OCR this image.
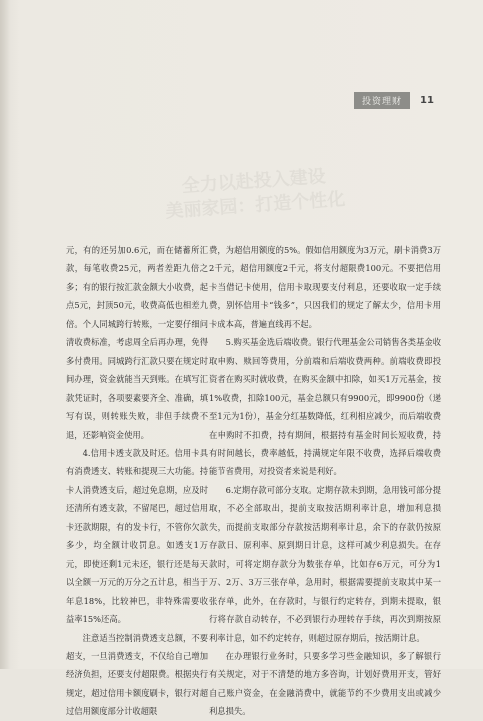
投资理财	11
全力以赴投入建设
美丽家园：打造个性化

元，有的还另加0.6元，而在储蓄所汇款，每笔收费25元，两者差距九倍之多；有的银行按汇款金额大小收费，起点5元，封顶50元，收费高低也相差九倍。个人同城跨行转账，一定要仔细问清收费标准，考虑周全后再办理，免得多付费用。同城跨行汇款只要在规定时间办理，资金就能当天到账。在填写汇款凭证时，各项要素要齐全、准确，填写有误，则转账失败，非但手续费不退，还影响资金使用。

4.信用卡透支款及时还。信用卡具有消费透支、转账和提现三大功能。持卡人消费透支后，超过免息期，应及时还清所有透支款，不留尾巴，超过信用卡还款期限，有的发卡行，不管你欠款多少，均全额计收罚息。如透支1万元，即使还剩1元未还，银行还是每天以全额一万元的万分之五计息，相当于年息18%，比较神巴，非特殊需要收益率15%还高。

注意适当控制消费透支总额，不要超支，一旦消费透支，不仅给自己增加经济负担，还要支付超限费。根据央行规定，超过信用卡额度刷卡，银行对超过信用额度部分计收超限

费，为超信用额度的5%。假如信用额度为3万元，刷卡消费3万2千元，超信用额度2千元，将支付超限费100元。不要把信用卡当借记卡使用，信用卡取现要支付利息，还要收取一定手续费，别怀信用卡“钱多”，只因我们的规定了解太少，信用卡用卡成本高，普遍直线再不起。

5.购买基金选后端收费。银行代理基金公司销售各类基金收取申购、赎回等费用，分前端和后端收费两种。前端收费即投资者在购买时就收费，在购买金额中扣除，如买1万元基金，按1%收费，扣除100元，基金总额只有9900元，即9900份（递至1元为1份），基金分红基数降低，红利相应减少，而后端收费在申购时不扣费，持有期间，根据持有基金时间长短收费，持有时间越长，费率越低，持满规定年限不收费，选择后端收费能节省费用，对投资者来说是利好。

6.定期存款可部分支取。定期存款未到期，急用钱可部分提取，不必全部取出，提前支取按活期利率计息，增加利息损失，而提前支取部分存款按活期利率计息，余下的存款仍按原存款日、原利率、原到期日计息，这样可减少利息损失。在存款时，可将定期存款分为数张存单，比如存6万元，可分为1万、2万、3万三张存单，急用时，根据需要提前支取其中某一张存单，此外，在存款时，与银行约定转存，到期未提取，银行将存款自动转存，不必到银行办理转存手续，再次到期按原利率计息，如不约定转存，则超过原存期后，按活期计息。

在办理银行业务时，只要多学习些金融知识，多了解银行有关规定，对于不清楚的地方多咨询，计划好费用开支，管好自己账户资金，在金融消费中，就能节约不少费用支出或减少利息损失。
